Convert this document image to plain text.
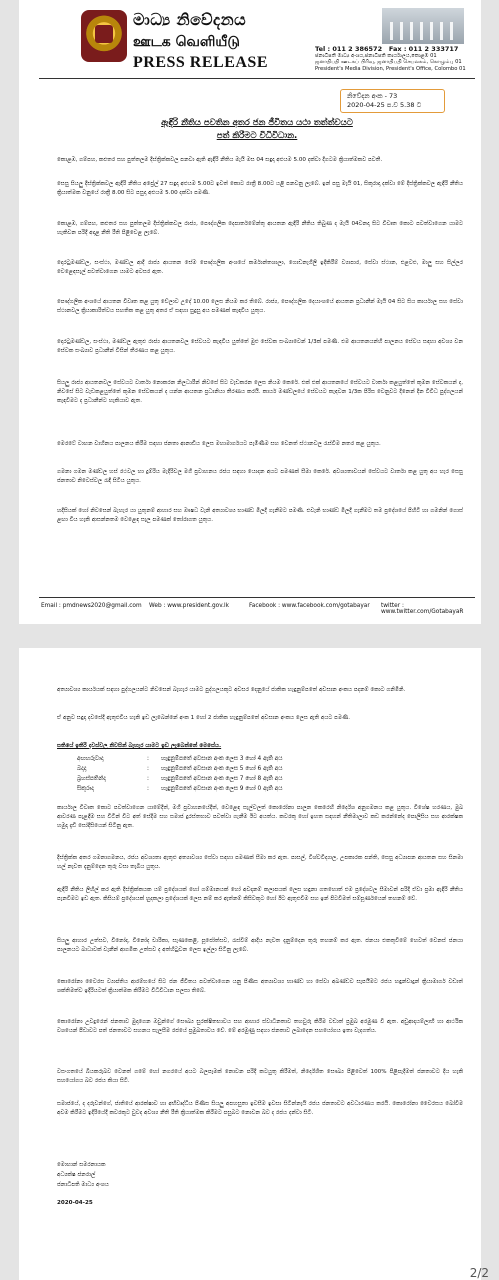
මාධ්‍ය නිවේදනය
ஊடக வெளியீடு
PRESS RELEASE
Tel : 011 2 386572 Fax : 011 2 333717
ජනාධිපති මාධ්‍ය අංශය,ජනාධිපති කාර්යාලය,කොළඹ 01
ஜனாதிபதி ஊடகப் பிரிவு, ஜனாதிபதி செயலகம், கொழும்பு 01
President's Media Division, President's Office, Colombo 01
නිවේදන අංක - 73
2020-04-25 ප.ව 5.38 ට
ඇඳිරි නීතිය පවතින අතර ජන ජීවිතය යථා තත්ත්වයට
පත් කිරීමට විධිවිධාන.
කොළඹ, ගම්පහ, කළුතර සහ පුත්තලම දිස්ත්‍රික්කවල පනවා ඇති ඇඳිරි නීතිය මැයි මස 04 සඳුදා අළුයම 5.00 දක්වා දිගටම ක්‍රියාත්මකව පවතී.
සෙසු සියලු දිස්ත්‍රික්කවල ඇඳිරි නීතිය අප්‍රේල් 27 සඳුදා අළුයම 5.00ට ඉවත් කොට රාත්‍රී 8.00ට යළි පනවනු ලැබේ. ඉන් පසු මැයි 01, සිකුරාදා දක්වා මේ දිස්ත්‍රික්කවල ඇඳිරි නීතිය ක්‍රියාත්මක වනුයේ රාත්‍රී 8.00 සිට පසුදා අළුයම 5.00 දක්වා පමණි.
කොළඹ, ගම්පහ, කළුතර සහ පුත්තලම දිස්ත්‍රික්කවල රාජ්‍ය, පෞද්ගලික දෙපාර්තමේන්තු ආයතන ඇඳිරි නීතිය තිබුණ ද මැයි 04වනදා සිට විවෘත කොට පවත්වාගෙන යාමට හැකිවන පරිදි අදාළ නීති රීති පිළිවෙළ ලැබේ.
දොරටුමණ්ඩල, සං‍ස්ථා, මණ්ඩල ආදී රාජ්‍ය ආයතන සේම පෞද්ගලික අංශයේ කර්මාන්තශාලා, ගොඩනැගිලි ඉදිකිරීම් ව්‍යාපාර, සේවා ස්ථාන, එළවළු, මාලු සහ සිල්ලර වෙළෙඳසැල් පවත්වාගෙන යාමට අවසර ඇත.
පෞද්ගලික අංශයේ ආයතන විවෘත කළ යුතු වේලාව උදේ 10.00 ලෙස නියම කර තිබේ. රාජ්‍ය, පෞද්ගලික දෙයාංශයේ ආයතන ප්‍රධානීන් මැයි 04 සිට සිය කාර්යාල සහ සේවා ස්ථානවල ක්‍රියාකාරිත්වය සහතික කළ යුතු අතර ඒ සඳහා සුදුසු අය පමණක් කැඳවිය යුතුය.
දොරටුමණ්ඩල, සං‍ස්ථා, මණ්ඩල ඇතුළු රාජ්‍ය ආයතනවල සේවයට කැඳවිය යුත්තේ මුළු සේවක සංඛ්‍යාවෙන් 1/3ක් පමණි. එම ආයතනයන්හි පාලනය සේවය සඳහා අවශ්‍ය වන සේවක සංඛ්‍යාව ප්‍රධානීන් විසින් තීරණය කළ යුතුය.
සියලු රාජ්‍ය ආයතනවල සේවයට වාර්තා නොකරන නිලධාරීන් නිවසේ සිට වැඩකරන ලෙස නියම කෙරේ. එක් එක් ආයතනයේ සේවයට වාර්තා කළයුත්තේ කුමන සේවකයන් ද, නිවසේ සිට වැඩකළයුත්තේ කුමන සේවකයන් ද යන්න ආයතන ප්‍රධානියා තීරණය කරයි. කාර්ය මණ්ඩලයේ සේවයට කැඳවන 1/3ක පිරිස වෙනුවට දිනෙන් දින විවිධ පුද්ගලයන් කැඳවීමට ද ප්‍රධානීන්ට හැකියාව ඇත.
මෙරටේ වාහන වාහිනය පාලනය කිරීම සඳහා ජනතා ආනාඩිය ලෙස මහාමාර්ගයට පැමිණීම සහ වෙනත් ස්ථානවල රැස්වීම නතර කළ යුතුය.
ගමනා ගමන මණ්ඩල හස් රථවල හා දුම්රිය මැදිරිවල මගී ප්‍රවාහනය රජය සඳහා යොදන අයට පමණක් සීමා කෙරේ. අවශ්‍යතාවයන් සේවයට වාර්තා කළ යුතු අය හැර සෙසු ජනතාව නිවෙස්වල රැඳී සිටිය යුතුය.
හදිසියක් හෝ නිවසෙන් බැහැර යා යුතුනම් ආහාර සහ ඖෂධ වැනි අත්‍යාවශ්‍ය භාණ්ඩ මිලදී ගැනීමට පමණි. එවැනි භාණ්ඩ මිලදී ගැනීමට තම ප්‍රදේශයේ පිහිටි හා ගමනින් ගොස් ළඟා විය හැකි ආසන්නතම වෙළෙඳ සැල පමණක් තෝරාගත යුතුය.
Email : pmdnews2020@gmail.com Web : www.president.gov.lk	Facebook : www.facebook.com/gotabayar twitter : www.twitter.com/GotabayaR
අත්‍යාවශ්‍ය කාර්යයක් සඳහා පුද්ගලයන්ට නිවසෙන් බැහැර යාමට පුද්ගලයකුට අවසර දෙනුයේ ජාතික හැඳුනුම්පතේ අවසාන අංකය පදනම් කොට ගනිමිනි.
ඒ අනුව සඳුදා දවසේදී ඇතුළුවිය හැකි ඉඩ ලැබෙන්නේ අංක 1 හෝ 2 ජාතික හැඳුනුම්පතේ අවසාන අංකය ලෙස ඇති අයට පමණි.
සතියේ ඉතිරි දවස්වල නිවසින් බැහැර යාමට ඉඩ ලැබෙන්නේ මෙසේය.
අඟහරුවාදා	:	හැඳුනුම්පතේ අවසාන අංක ලෙස 3 හෝ 4 ඇති අය
බදාදා	:	හැඳුනුම්පතේ අවසාන අංක ලෙස 5 හෝ 6 ඇති අය
බ්‍රහස්පතින්දා	:	හැඳුනුම්පතේ අවසාන අංක ලෙස 7 හෝ 8 ඇති අය
සිකුරාදා	:	හැඳුනුම්පතේ අවසාන අංක ලෙස 9 හෝ 0 ඇති අය
කාර්යාල විවෘත කොට පවත්වාගෙන යාමේදීත්, මගී ප්‍රවාහනයේදීත්, වෙළෙඳ සැල්වලත් කොරෝනා පාලන කෙරෙහි නිර්දේශ අනුගමනය කළ යුතුය. විශේෂ හරණය, මුඛ ආවරණ පැළඳීම සහ විටින් විට අත් සේදීම සහ සමාජ දුරස්තභාව පවත්වා ගැනීම ඊට අයත්ය. කවරකු හෝ ඉහත සඳහන් නීතිමාලාව කඩ කරන්නේද පොලිසිය සහ ආරක්ෂක හමුදා දැඩි සෝදිසියෙන් සිටිනු ඇත.
දිස්ත්‍රික්ක අතර ගමනාගමනය, රජය අවශ්‍යතා ඇතුළු අත්‍යාවශ්‍ය සේවා සඳහා පමණක් සීමා කර ඇත. පාසල්, විශ්වවිද්‍යාල, උපකාරක පන්ති, සෙසු අධ්‍යාපන ආයතන සහ සිනමා හල් නැවත දැනුම්දෙන තුරු වසා තැබිය යුතුය.
ඇඳිරි නීතිය ලිහිල් කර ඇති දිස්ත්‍රික්කයක යම් ප්‍රදේශයක් හෝ ගම්මානයක් හෝ අවදානම් කලාපයක් ලෙස හඳුනා ගතහොත් එම ප්‍රදේශවල සීමාවන් පරිදි ඒවා ප්‍රමා ඇඳිරි නීතිය පැනවීමට ඉඩ ඇත. කිසියම් ප්‍රදේශයක් හුදකලා ප්‍රදේශයක් ලෙස නම් කර ඇත්නම් කිසිවකුට හෝ ඊට ඇතුළුවීම සහ ඉන් පිටවීමත් සම්පූර්ණයෙන් තහනම් වේ.
සියලු ආහාර උත්සව, විනෝද, විනෝද චාරිකා, සැණකෙළි, පූජෝත්සව, රැස්වීම් ආදිය නැවත දැනුම්දෙන තුරු තහනම් කර ඇත. ජනයා එකතුවීමේ හෙවත් වෙනස් ජනයා පාලනයට බාධාවක් වැනීන් ආගමික උත්සව ද අත්හිටුවන ලෙස ඉල්ලා සිටිනු ලැබේ.
කොරෝනා වෛරස ව්‍යාප්තිය ආරම්භයේ සිට ජන ජීවිතය පවත්වාගෙන යනු පිණිස අත්‍යාවශ්‍ය භාණ්ඩ හා සේවා අඛණ්ඩව සැපයීමට රජය හඳුන්වාදුන් ක්‍රියාමාර්ග වඩාත් ශක්තිමත්ව ඉදිරියටත් ක්‍රියාත්මක කිරීමට විධිවිධාන සලසා තිබේ.
කොරෝනා උවදුරෙන් ජනතාව මුදාගෙන ඔවුන්ගේ සෞඛ්‍ය සුරක්ෂිතභාවය සහ ආහාර ස්වාධීනතාව තහවුරු කිරීම වඩාත් ප්‍රමුඛ අරමුණ වී ඇත. අඩුආදායම්ලාභී හා ආර්ථික වශයෙන් පීඩාවට පත් ජනතාවට සහනය සැලසීම රජයේ ප්‍රමුඛතාවය වේ. මේ අරමුණු සඳහා ජනතාව ලබාදෙන සහයෝගය ඉතා වැදගත්ය.
වසංගතයේ බියකරුබව වෙනත් ගමේ හෝ නගරයේ අයට බලපෑමක් නොවන පරිදි කටයුතු කිරීමත්, නිර්දේශිත සෞඛ්‍ය පිළිවෙත් 100% පිළිපැදීමත් ජනතාවට දිය හැකි සහයෝගය බව රජය කියා සිටී.
සමාජයේ, ද දරුවන්ගේ, ජාතියේ ආරක්ෂාව හා අභිවෘද්ධිය පිණිස සියලු අපහසුතා ඉවසීම ඉවසා සිටින්නැයි රජය ජනතාවට අවධාරණය කරයි. කොරෝනා වෛරසය බෝවීම අවම කිරීමට ඉදිරියේදී කවරකුට වුවද අවශ්‍ය නීති රීති ක්‍රියාත්මක කිරීමට පසුබට නොවන බව ද රජය දන්වා සිටී.
මොහාන් සමරනායක
අධ්‍යක්ෂ ජනරාල්
ජනාධිපති මාධ්‍ය අංශය
2020-04-25
2/2
